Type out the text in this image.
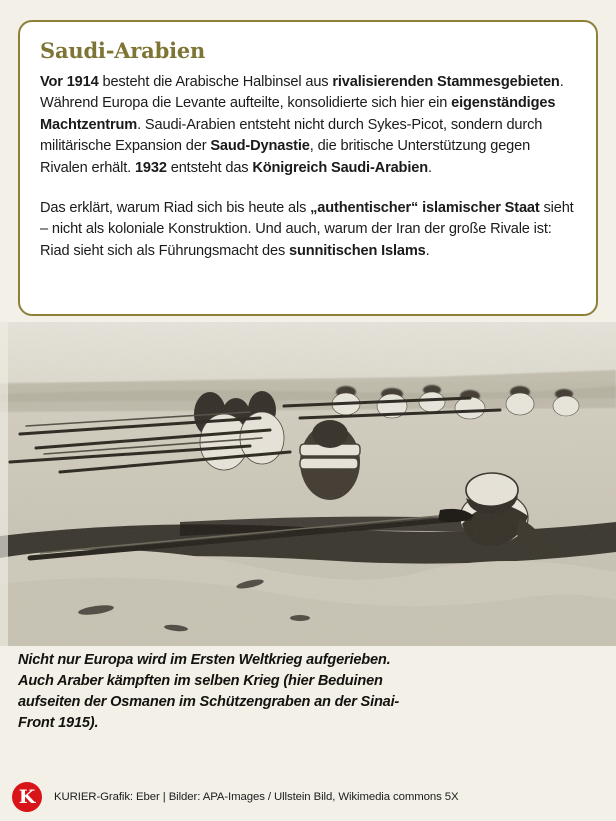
Saudi-Arabien

Vor 1914 besteht die Arabische Halbinsel aus rivalisierenden Stammesgebieten. Während Europa die Levante aufteilte, konsolidierte sich hier ein eigenständiges Machtzentrum. Saudi-Arabien entsteht nicht durch Sykes-Picot, sondern durch militärische Expansion der Saud-Dynastie, die britische Unterstützung gegen Rivalen erhält. 1932 entsteht das Königreich Saudi-Arabien.

Das erklärt, warum Riad sich bis heute als „authentischer“ islamischer Staat sieht – nicht als koloniale Konstruktion. Und auch, warum der Iran der große Rivale ist: Riad sieht sich als Führungsmacht des sunnitischen Islams.

Nicht nur Europa wird im Ersten Weltkrieg aufgerieben. Auch Araber kämpften im selben Krieg (hier Beduinen aufseiten der Osmanen im Schützengraben an der Sinai-Front 1915).
K	KURIER-Grafik: Eber | Bilder: APA-Images / Ullstein Bild, Wikimedia commons 5X
